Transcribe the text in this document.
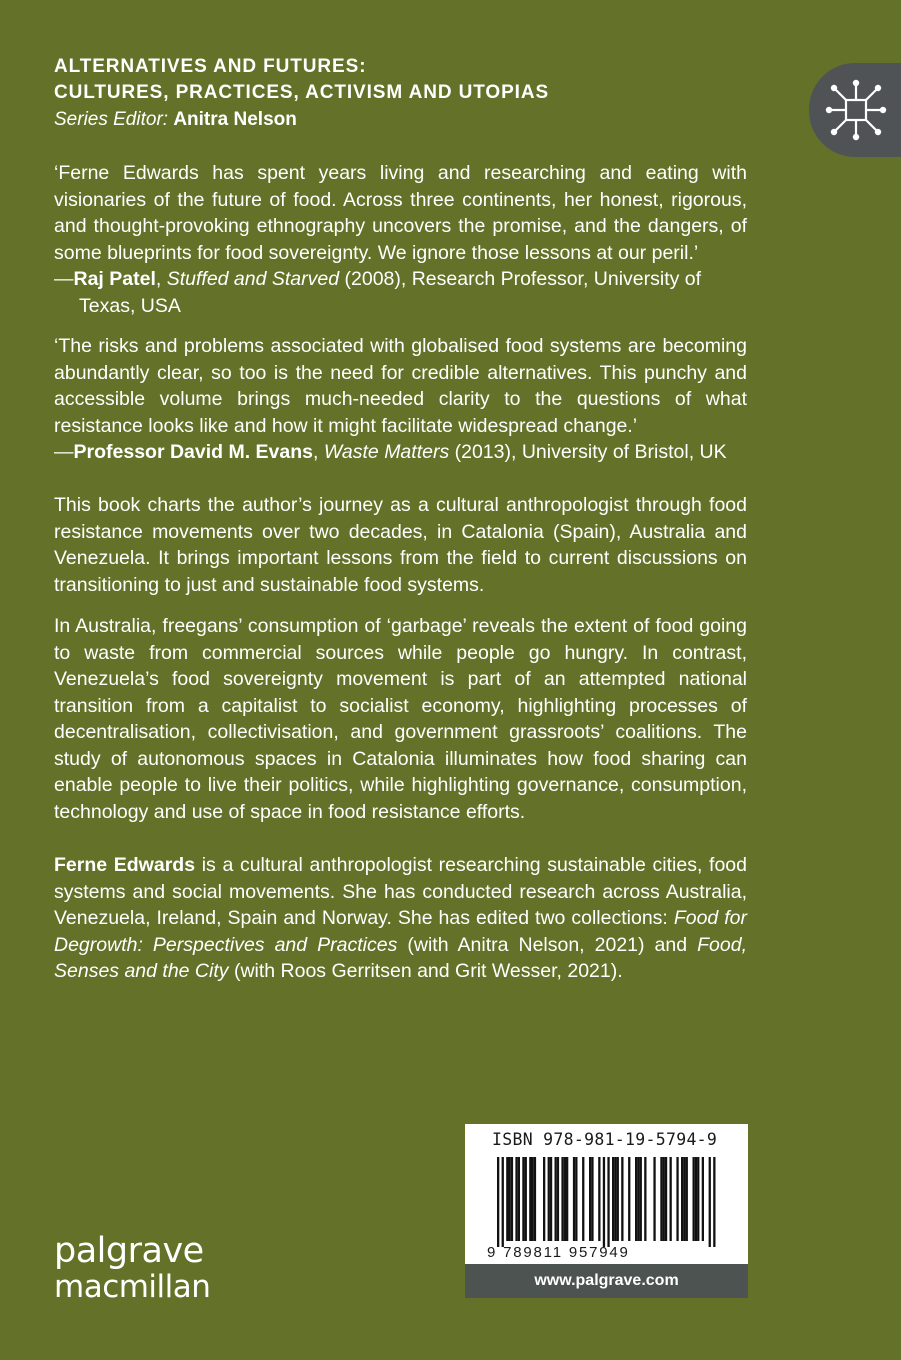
ALTERNATIVES AND FUTURES:
CULTURES, PRACTICES, ACTIVISM AND UTOPIAS
Series Editor: Anitra Nelson
‘Ferne Edwards has spent years living and researching and eating with visionaries of the future of food. Across three continents, her honest, rigorous, and thought-provoking ethnography uncovers the promise, and the dangers, of some blueprints for food sovereignty. We ignore those lessons at our peril.’
—Raj Patel, Stuffed and Starved (2008), Research Professor, University of
Texas, USA
‘The risks and problems associated with globalised food systems are becoming abundantly clear, so too is the need for credible alternatives. This punchy and accessible volume brings much-needed clarity to the questions of what resistance looks like and how it might facilitate widespread change.’
—Professor David M. Evans, Waste Matters (2013), University of Bristol, UK
This book charts the author’s journey as a cultural anthropologist through food resistance movements over two decades, in Catalonia (Spain), Australia and Venezuela. It brings important lessons from the field to current discussions on transitioning to just and sustainable food systems.
In Australia, freegans’ consumption of ‘garbage’ reveals the extent of food going to waste from commercial sources while people go hungry. In contrast, Venezuela’s food sovereignty movement is part of an attempted national transition from a capitalist to socialist economy, highlighting processes of decentralisation, collectivisation, and government grassroots’ coalitions. The study of autonomous spaces in Catalonia illuminates how food sharing can enable people to live their politics, while highlighting governance, consumption, technology and use of space in food resistance efforts.
Ferne Edwards is a cultural anthropologist researching sustainable cities, food systems and social movements. She has conducted research across Australia, Venezuela, Ireland, Spain and Norway. She has edited two collections: Food for Degrowth: Perspectives and Practices (with Anitra Nelson, 2021) and Food, Senses and the City (with Roos Gerritsen and Grit Wesser, 2021).
palgrave
macmillan
ISBN 978-981-19-5794-9
9 789811 957949
www.palgrave.com
